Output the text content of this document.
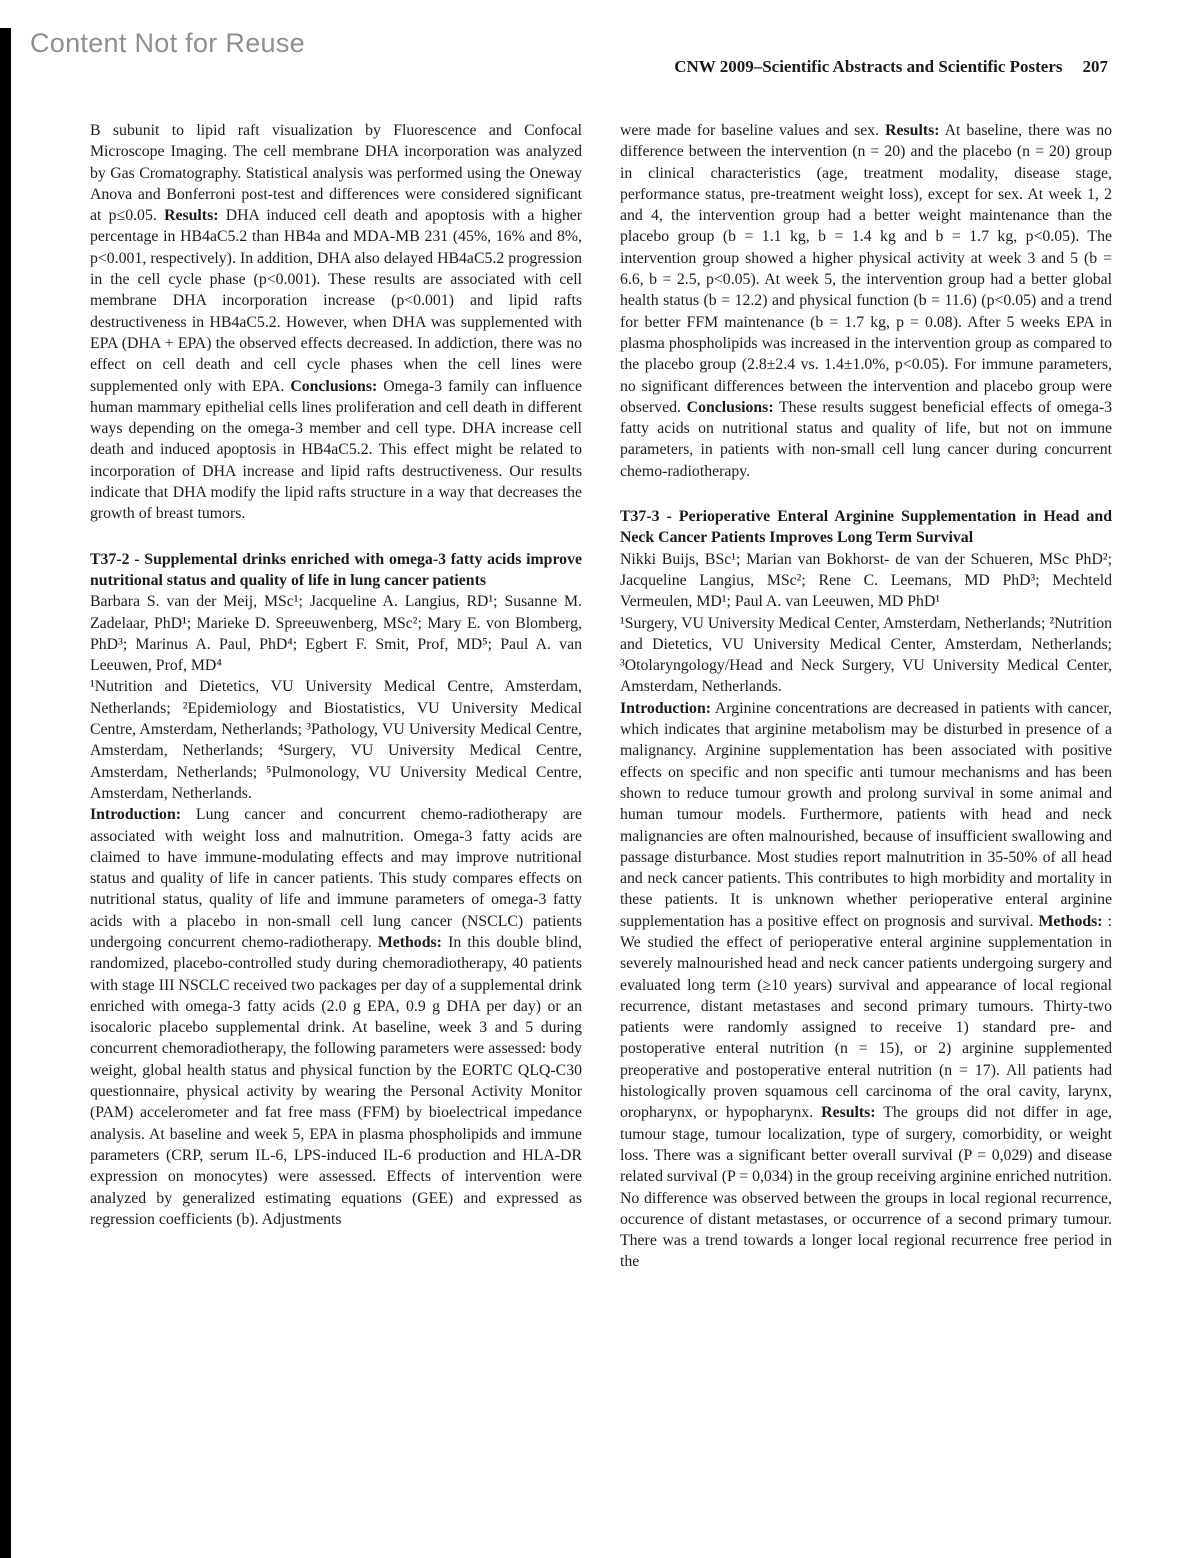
Content Not for Reuse
CNW 2009–Scientific Abstracts and Scientific Posters 207

B subunit to lipid raft visualization by Fluorescence and Confocal Microscope Imaging. The cell membrane DHA incorporation was analyzed by Gas Cromatography. Statistical analysis was performed using the Oneway Anova and Bonferroni post-test and differences were considered significant at p≤0.05. Results: DHA induced cell death and apoptosis with a higher percentage in HB4aC5.2 than HB4a and MDA-MB 231 (45%, 16% and 8%, p<0.001, respectively). In addition, DHA also delayed HB4aC5.2 progression in the cell cycle phase (p<0.001). These results are associated with cell membrane DHA incorporation increase (p<0.001) and lipid rafts destructiveness in HB4aC5.2. However, when DHA was supplemented with EPA (DHA + EPA) the observed effects decreased. In addiction, there was no effect on cell death and cell cycle phases when the cell lines were supplemented only with EPA. Conclusions: Omega-3 family can influence human mammary epithelial cells lines proliferation and cell death in different ways depending on the omega-3 member and cell type. DHA increase cell death and induced apoptosis in HB4aC5.2. This effect might be related to incorporation of DHA increase and lipid rafts destructiveness. Our results indicate that DHA modify the lipid rafts structure in a way that decreases the growth of breast tumors.

T37-2 - Supplemental drinks enriched with omega-3 fatty acids improve nutritional status and quality of life in lung cancer patients

Barbara S. van der Meij, MSc¹; Jacqueline A. Langius, RD¹; Susanne M. Zadelaar, PhD¹; Marieke D. Spreeuwenberg, MSc²; Mary E. von Blomberg, PhD³; Marinus A. Paul, PhD⁴; Egbert F. Smit, Prof, MD⁵; Paul A. van Leeuwen, Prof, MD⁴

¹Nutrition and Dietetics, VU University Medical Centre, Amsterdam, Netherlands; ²Epidemiology and Biostatistics, VU University Medical Centre, Amsterdam, Netherlands; ³Pathology, VU University Medical Centre, Amsterdam, Netherlands; ⁴Surgery, VU University Medical Centre, Amsterdam, Netherlands; ⁵Pulmonology, VU University Medical Centre, Amsterdam, Netherlands.

Introduction: Lung cancer and concurrent chemo-radiotherapy are associated with weight loss and malnutrition. Omega-3 fatty acids are claimed to have immune-modulating effects and may improve nutritional status and quality of life in cancer patients. This study compares effects on nutritional status, quality of life and immune parameters of omega-3 fatty acids with a placebo in non-small cell lung cancer (NSCLC) patients undergoing concurrent chemo-radiotherapy. Methods: In this double blind, randomized, placebo-controlled study during chemoradiotherapy, 40 patients with stage III NSCLC received two packages per day of a supplemental drink enriched with omega-3 fatty acids (2.0 g EPA, 0.9 g DHA per day) or an isocaloric placebo supplemental drink. At baseline, week 3 and 5 during concurrent chemoradiotherapy, the following parameters were assessed: body weight, global health status and physical function by the EORTC QLQ-C30 questionnaire, physical activity by wearing the Personal Activity Monitor (PAM) accelerometer and fat free mass (FFM) by bioelectrical impedance analysis. At baseline and week 5, EPA in plasma phospholipids and immune parameters (CRP, serum IL-6, LPS-induced IL-6 production and HLA-DR expression on monocytes) were assessed. Effects of intervention were analyzed by generalized estimating equations (GEE) and expressed as regression coefficients (b). Adjustments

were made for baseline values and sex. Results: At baseline, there was no difference between the intervention (n = 20) and the placebo (n = 20) group in clinical characteristics (age, treatment modality, disease stage, performance status, pre-treatment weight loss), except for sex. At week 1, 2 and 4, the intervention group had a better weight maintenance than the placebo group (b = 1.1 kg, b = 1.4 kg and b = 1.7 kg, p<0.05). The intervention group showed a higher physical activity at week 3 and 5 (b = 6.6, b = 2.5, p<0.05). At week 5, the intervention group had a better global health status (b = 12.2) and physical function (b = 11.6) (p<0.05) and a trend for better FFM maintenance (b = 1.7 kg, p = 0.08). After 5 weeks EPA in plasma phospholipids was increased in the intervention group as compared to the placebo group (2.8±2.4 vs. 1.4±1.0%, p<0.05). For immune parameters, no significant differences between the intervention and placebo group were observed. Conclusions: These results suggest beneficial effects of omega-3 fatty acids on nutritional status and quality of life, but not on immune parameters, in patients with non-small cell lung cancer during concurrent chemo-radiotherapy.

T37-3 - Perioperative Enteral Arginine Supplementation in Head and Neck Cancer Patients Improves Long Term Survival

Nikki Buijs, BSc¹; Marian van Bokhorst- de van der Schueren, MSc PhD²; Jacqueline Langius, MSc²; Rene C. Leemans, MD PhD³; Mechteld Vermeulen, MD¹; Paul A. van Leeuwen, MD PhD¹

¹Surgery, VU University Medical Center, Amsterdam, Netherlands; ²Nutrition and Dietetics, VU University Medical Center, Amsterdam, Netherlands; ³Otolaryngology/Head and Neck Surgery, VU University Medical Center, Amsterdam, Netherlands.

Introduction: Arginine concentrations are decreased in patients with cancer, which indicates that arginine metabolism may be disturbed in presence of a malignancy. Arginine supplementation has been associated with positive effects on specific and non specific anti tumour mechanisms and has been shown to reduce tumour growth and prolong survival in some animal and human tumour models. Furthermore, patients with head and neck malignancies are often malnourished, because of insufficient swallowing and passage disturbance. Most studies report malnutrition in 35-50% of all head and neck cancer patients. This contributes to high morbidity and mortality in these patients. It is unknown whether perioperative enteral arginine supplementation has a positive effect on prognosis and survival. Methods: : We studied the effect of perioperative enteral arginine supplementation in severely malnourished head and neck cancer patients undergoing surgery and evaluated long term (≥10 years) survival and appearance of local regional recurrence, distant metastases and second primary tumours. Thirty-two patients were randomly assigned to receive 1) standard pre- and postoperative enteral nutrition (n = 15), or 2) arginine supplemented preoperative and postoperative enteral nutrition (n = 17). All patients had histologically proven squamous cell carcinoma of the oral cavity, larynx, oropharynx, or hypopharynx. Results: The groups did not differ in age, tumour stage, tumour localization, type of surgery, comorbidity, or weight loss. There was a significant better overall survival (P = 0,029) and disease related survival (P = 0,034) in the group receiving arginine enriched nutrition. No difference was observed between the groups in local regional recurrence, occurence of distant metastases, or occurrence of a second primary tumour. There was a trend towards a longer local regional recurrence free period in the
